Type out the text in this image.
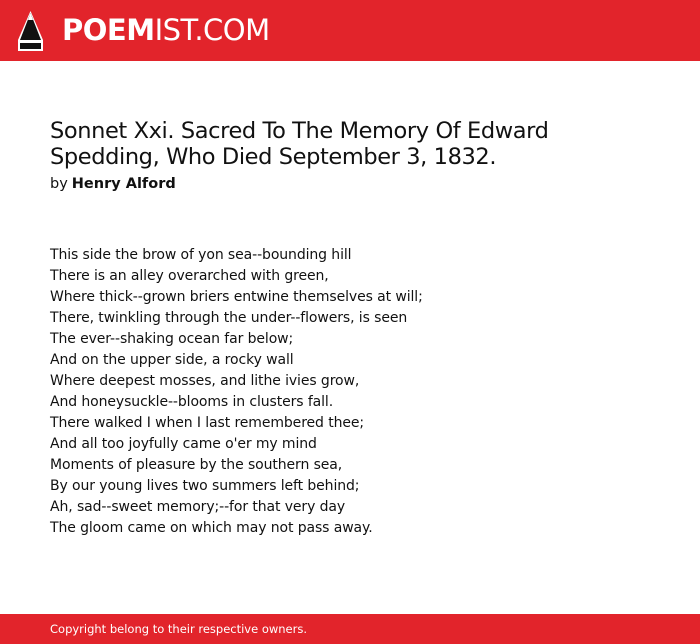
POEMIST.COM
Sonnet Xxi. Sacred To The Memory Of Edward Spedding, Who Died September 3, 1832.
by Henry Alford
This side the brow of yon sea--bounding hill
There is an alley overarched with green,
Where thick--grown briers entwine themselves at will;
There, twinkling through the under--flowers, is seen
The ever--shaking ocean far below;
And on the upper side, a rocky wall
Where deepest mosses, and lithe ivies grow,
And honeysuckle--blooms in clusters fall.
There walked I when I last remembered thee;
And all too joyfully came o'er my mind
Moments of pleasure by the southern sea,
By our young lives two summers left behind;
Ah, sad--sweet memory;--for that very day
The gloom came on which may not pass away.
Copyright belong to their respective owners.
